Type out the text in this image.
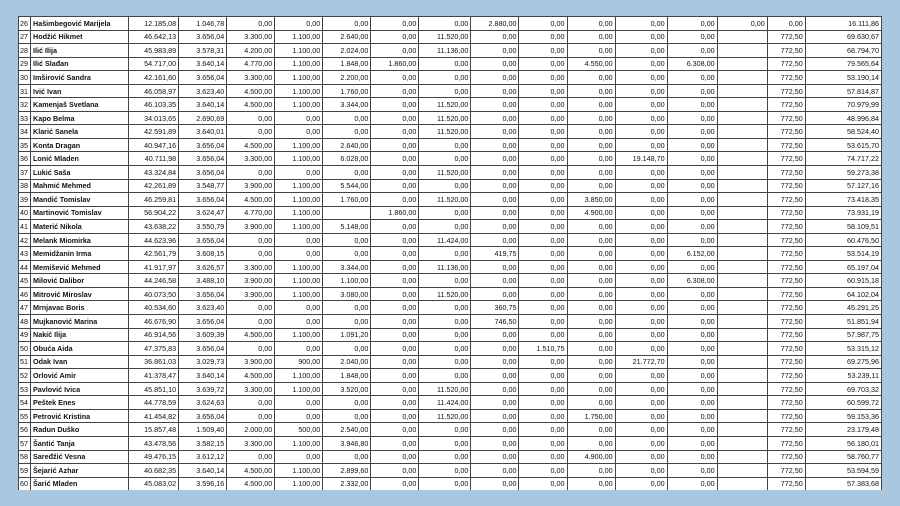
26	Hašimbegović Marijela	12.185,08	1.046,78	0,00	0,00	0,00	0,00	0,00	2.880,00	0,00	0,00	0,00	0,00	0,00	0,00	16.111,86
27	Hodžić Hikmet	46.642,13	3.656,04	3.300,00	1.100,00	2.640,00	0,00	11.520,00	0,00	0,00	0,00	0,00	0,00		772,50	69.630,67
28	Ilić Ilija	45.983,89	3.578,31	4.200,00	1.100,00	2.024,00	0,00	11.136,00	0,00	0,00	0,00	0,00	0,00		772,50	68.794,70
29	Ilić Slađan	54.717,00	3.640,14	4.770,00	1.100,00	1.848,00	1.860,00	0,00	0,00	0,00	4.550,00	0,00	6.308,00		772,50	79.565,64
30	Imširović Sandra	42.161,60	3.656,04	3.300,00	1.100,00	2.200,00	0,00	0,00	0,00	0,00	0,00	0,00	0,00		772,50	53.190,14
31	Ivić Ivan	46.058,97	3.623,40	4.500,00	1.100,00	1.760,00	0,00	0,00	0,00	0,00	0,00	0,00	0,00		772,50	57.814,87
32	Kamenjaš Svetlana	46.103,35	3.640,14	4.500,00	1.100,00	3.344,00	0,00	11.520,00	0,00	0,00	0,00	0,00	0,00		772,50	70.979,99
33	Kapo Belma	34.013,65	2.690,69	0,00	0,00	0,00	0,00	11.520,00	0,00	0,00	0,00	0,00	0,00		772,50	48.996,84
34	Klarić Sanela	42.591,89	3.640,01	0,00	0,00	0,00	0,00	11.520,00	0,00	0,00	0,00	0,00	0,00		772,50	58.524,40
35	Konta Dragan	40.947,16	3.656,04	4.500,00	1.100,00	2.640,00	0,00	0,00	0,00	0,00	0,00	0,00	0,00		772,50	53.615,70
36	Lonić Mladen	40.711,98	3.656,04	3.300,00	1.100,00	6.028,00	0,00	0,00	0,00	0,00	0,00	19.148,70	0,00		772,50	74.717,22
37	Lukić Saša	43.324,84	3.656,04	0,00	0,00	0,00	0,00	11.520,00	0,00	0,00	0,00	0,00	0,00		772,50	59.273,38
38	Mahmić Mehmed	42.261,89	3.548,77	3.900,00	1.100,00	5.544,00	0,00	0,00	0,00	0,00	0,00	0,00	0,00		772,50	57.127,16
39	Mandić Tomislav	46.259,81	3.656,04	4.500,00	1.100,00	1.760,00	0,00	11.520,00	0,00	0,00	3.850,00	0,00	0,00		772,50	73.418,35
40	Martinović Tomislav	56.904,22	3.624,47	4.770,00	1.100,00		1.860,00	0,00	0,00	0,00	4.900,00	0,00	0,00		772,50	73.931,19
41	Materić Nikola	43.638,22	3.550,79	3.900,00	1.100,00	5.148,00	0,00	0,00	0,00	0,00	0,00	0,00	0,00		772,50	58.109,51
42	Melank Miomirka	44.623,96	3.656,04	0,00	0,00	0,00	0,00	11.424,00	0,00	0,00	0,00	0,00	0,00		772,50	60.476,50
43	Memidžanin Irma	42.561,79	3.608,15	0,00	0,00	0,00	0,00	0,00	419,75	0,00	0,00	0,00	6.152,00		772,50	53.514,19
44	Memišević Mehmed	41.917,97	3.626,57	3.300,00	1.100,00	3.344,00	0,00	11.136,00	0,00	0,00	0,00	0,00	0,00		772,50	65.197,04
45	Milović Dalibor	44.246,58	3.488,10	3.900,00	1.100,00	1.100,00	0,00	0,00	0,00	0,00	0,00	0,00	6.308,00		772,50	60.915,18
46	Mitrović Miroslav	40.073,50	3.656,04	3.900,00	1.100,00	3.080,00	0,00	11.520,00	0,00	0,00	0,00	0,00	0,00		772,50	64.102,04
47	Mrnjavac Boris	40.534,60	3.623,40	0,00	0,00	0,00	0,00	0,00	360,75	0,00	0,00	0,00	0,00		772,50	45.291,25
48	Mujkanović Marina	46.676,90	3.656,04	0,00	0,00	0,00	0,00	0,00	746,50	0,00	0,00	0,00	0,00		772,50	51.851,94
49	Nakić Ilija	46.914,56	3.609,39	4.500,00	1.100,00	1.091,20	0,00	0,00	0,00	0,00	0,00	0,00	0,00		772,50	57.987,75
50	Obuća Aida	47.375,83	3.656,04	0,00	0,00	0,00	0,00	0,00	0,00	1.510,75	0,00	0,00	0,00		772,50	53.315,12
51	Odak Ivan	36.861,03	3.029,73	3.900,00	900,00	2.040,00	0,00	0,00	0,00	0,00	0,00	21.772,70	0,00		772,50	69.275,96
52	Orlović Amir	41.378,47	3.640,14	4.500,00	1.100,00	1.848,00	0,00	0,00	0,00	0,00	0,00	0,00	0,00		772,50	53.239,11
53	Pavlović Ivica	45.851,10	3.639,72	3.300,00	1.100,00	3.520,00	0,00	11.520,00	0,00	0,00	0,00	0,00	0,00		772,50	69.703,32
54	Peštek Enes	44.778,59	3.624,63	0,00	0,00	0,00	0,00	11.424,00	0,00	0,00	0,00	0,00	0,00		772,50	60.599,72
55	Petrović Kristina	41.454,82	3.656,04	0,00	0,00	0,00	0,00	11.520,00	0,00	0,00	1.750,00	0,00	0,00		772,50	59.153,36
56	Radun Duško	15.857,48	1.509,40	2.000,00	500,00	2.540,00	0,00	0,00	0,00	0,00	0,00	0,00	0,00		772,50	23.179,48
57	Šantić Tanja	43.478,56	3.582,15	3.300,00	1.100,00	3.946,80	0,00	0,00	0,00	0,00	0,00	0,00	0,00		772,50	56.180,01
58	Saređžić Vesna	49.476,15	3.612,12	0,00	0,00	0,00	0,00	0,00	0,00	0,00	4.900,00	0,00	0,00		772,50	58.760,77
59	Šejarić Azhar	40.682,35	3.640,14	4.500,00	1.100,00	2.899,60	0,00	0,00	0,00	0,00	0,00	0,00	0,00		772,50	53.594,59
60	Šarić Mladen	45.083,02	3.596,16	4.500,00	1.100,00	2.332,00	0,00	0,00	0,00	0,00	0,00	0,00	0,00		772,50	57.383,68
